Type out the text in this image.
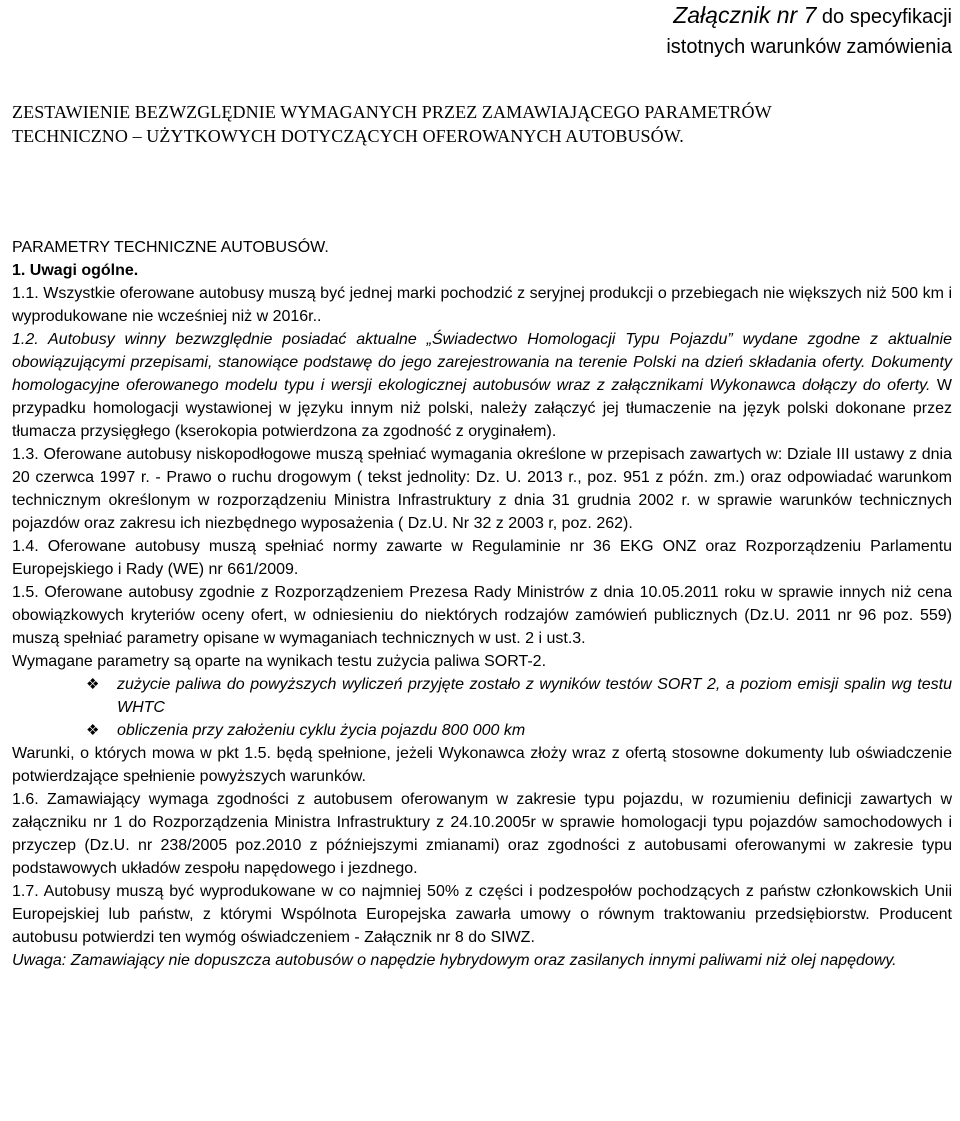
Załącznik nr 7 do specyfikacji
istotnych warunków zamówienia
ZESTAWIENIE BEZWZGLĘDNIE WYMAGANYCH PRZEZ ZAMAWIAJĄCEGO PARAMETRÓW
TECHNICZNO – UŻYTKOWYCH DOTYCZĄCYCH OFEROWANYCH AUTOBUSÓW.

PARAMETRY TECHNICZNE AUTOBUSÓW.

1. Uwagi ogólne.

1.1. Wszystkie oferowane autobusy muszą być jednej marki pochodzić z seryjnej produkcji o przebiegach nie większych niż 500 km i wyprodukowane nie wcześniej niż w 2016r..

1.2. Autobusy winny bezwzględnie posiadać aktualne „Świadectwo Homologacji Typu Pojazdu” wydane zgodne z aktualnie obowiązującymi przepisami, stanowiące podstawę do jego zarejestrowania na terenie Polski na dzień składania oferty. Dokumenty homologacyjne oferowanego modelu typu i wersji ekologicznej autobusów wraz z załącznikami Wykonawca dołączy do oferty. W przypadku homologacji wystawionej w języku innym niż polski, należy załączyć jej tłumaczenie na język polski dokonane przez tłumacza przysięgłego (kserokopia potwierdzona za zgodność z oryginałem).

1.3. Oferowane autobusy niskopodłogowe muszą spełniać wymagania określone w przepisach zawartych w: Dziale III ustawy z dnia 20 czerwca 1997 r. - Prawo o ruchu drogowym ( tekst jednolity: Dz. U. 2013 r., poz. 951 z późn. zm.) oraz odpowiadać warunkom technicznym określonym w rozporządzeniu Ministra Infrastruktury z dnia 31 grudnia 2002 r. w sprawie warunków technicznych pojazdów oraz zakresu ich niezbędnego wyposażenia ( Dz.U. Nr 32 z 2003 r, poz. 262).

1.4. Oferowane autobusy muszą spełniać normy zawarte w Regulaminie nr 36 EKG ONZ oraz Rozporządzeniu Parlamentu Europejskiego i Rady (WE) nr 661/2009.

1.5. Oferowane autobusy zgodnie z Rozporządzeniem Prezesa Rady Ministrów z dnia 10.05.2011 roku w sprawie innych niż cena obowiązkowych kryteriów oceny ofert, w odniesieniu do niektórych rodzajów zamówień publicznych (Dz.U. 2011 nr 96 poz. 559) muszą spełniać parametry opisane w wymaganiach technicznych w ust. 2 i ust.3.

Wymagane parametry są oparte na wynikach testu zużycia paliwa SORT-2.

❖	zużycie paliwa do powyższych wyliczeń przyjęte zostało z wyników testów SORT 2, a poziom emisji spalin wg testu WHTC
❖	obliczenia przy założeniu cyklu życia pojazdu 800 000 km

Warunki, o których mowa w pkt 1.5. będą spełnione, jeżeli Wykonawca złoży wraz z ofertą stosowne dokumenty lub oświadczenie potwierdzające spełnienie powyższych warunków.

1.6. Zamawiający wymaga zgodności z autobusem oferowanym w zakresie typu pojazdu, w rozumieniu definicji zawartych w załączniku nr 1 do Rozporządzenia Ministra Infrastruktury z 24.10.2005r w sprawie homologacji typu pojazdów samochodowych i przyczep (Dz.U. nr 238/2005 poz.2010 z późniejszymi zmianami) oraz zgodności z autobusami oferowanymi w zakresie typu podstawowych układów zespołu napędowego i jezdnego.

1.7. Autobusy muszą być wyprodukowane w co najmniej 50% z części i podzespołów pochodzących z państw członkowskich Unii Europejskiej lub państw, z którymi Wspólnota Europejska zawarła umowy o równym traktowaniu przedsiębiorstw. Producent autobusu potwierdzi ten wymóg oświadczeniem - Załącznik nr 8 do SIWZ.

Uwaga: Zamawiający nie dopuszcza autobusów o napędzie hybrydowym oraz zasilanych innymi paliwami niż olej napędowy.
